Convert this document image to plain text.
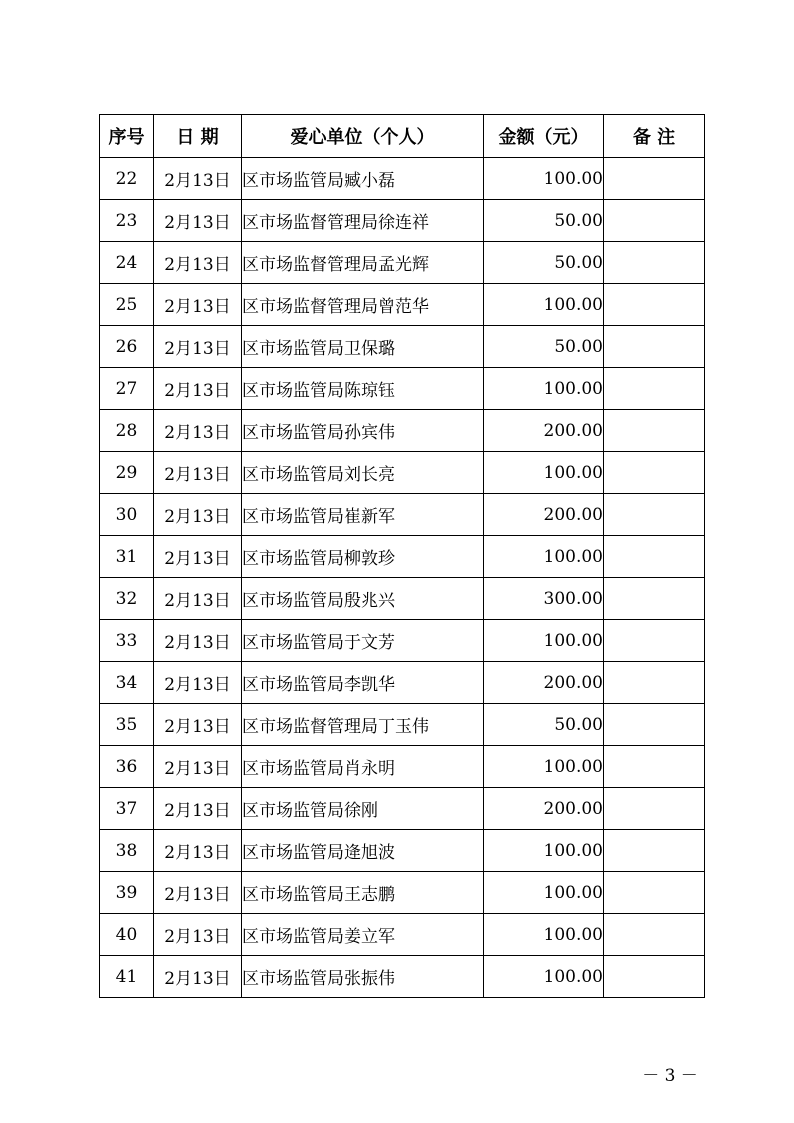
序号	日 期	爱心单位（个人）	金额（元）	备 注
22	2月13日	区市场监管局臧小磊	100.00	
23	2月13日	区市场监督管理局徐连祥	50.00	
24	2月13日	区市场监督管理局孟光辉	50.00	
25	2月13日	区市场监督管理局曾范华	100.00	
26	2月13日	区市场监管局卫保璐	50.00	
27	2月13日	区市场监管局陈琼钰	100.00	
28	2月13日	区市场监管局孙宾伟	200.00	
29	2月13日	区市场监管局刘长亮	100.00	
30	2月13日	区市场监管局崔新军	200.00	
31	2月13日	区市场监管局柳敦珍	100.00	
32	2月13日	区市场监管局殷兆兴	300.00	
33	2月13日	区市场监管局于文芳	100.00	
34	2月13日	区市场监管局李凯华	200.00	
35	2月13日	区市场监督管理局丁玉伟	50.00	
36	2月13日	区市场监管局肖永明	100.00	
37	2月13日	区市场监管局徐刚	200.00	
38	2月13日	区市场监管局逄旭波	100.00	
39	2月13日	区市场监管局王志鹏	100.00	
40	2月13日	区市场监管局姜立军	100.00	
41	2月13日	区市场监管局张振伟	100.00	
－ 3 －
